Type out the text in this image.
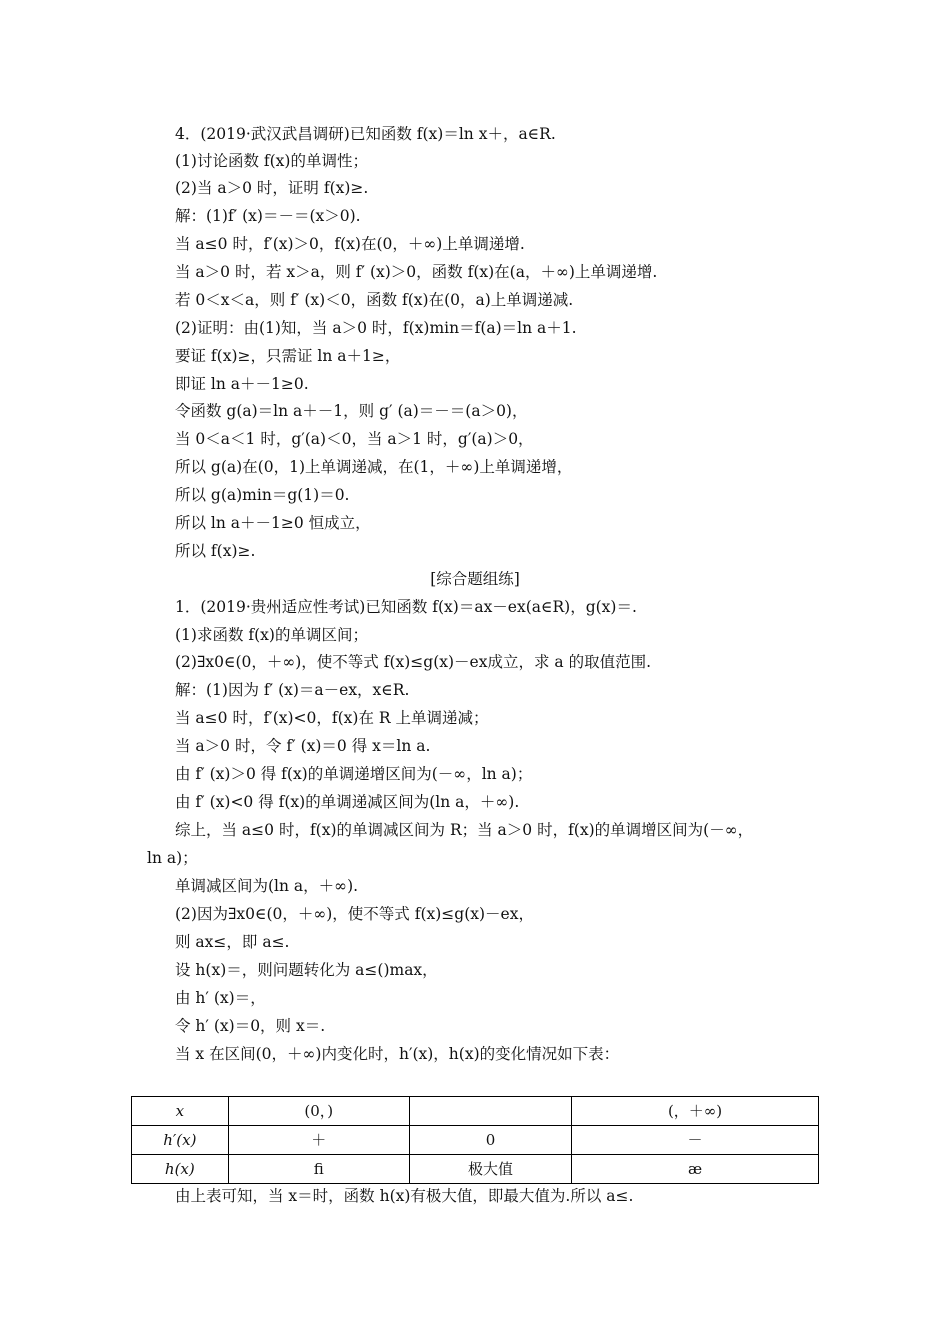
4．(2019·武汉武昌调研)已知函数 f(x)＝ln x＋，a∈R.
(1)讨论函数 f(x)的单调性；
(2)当 a＞0 时，证明 f(x)≥.
解：(1)f′ (x)＝－＝(x＞0).
当 a≤0 时，f′(x)＞0，f(x)在(0，＋∞)上单调递增.
当 a＞0 时，若 x＞a，则 f′ (x)＞0，函数 f(x)在(a，＋∞)上单调递增.
若 0＜x＜a，则 f′ (x)＜0，函数 f(x)在(0，a)上单调递减.
(2)证明：由(1)知，当 a＞0 时，f(x)min＝f(a)＝ln a＋1.
要证 f(x)≥，只需证 ln a＋1≥，
即证 ln a＋－1≥0.
令函数 g(a)＝ln a＋－1，则 g′ (a)＝－＝(a＞0)，
当 0＜a＜1 时，g′(a)＜0，当 a＞1 时，g′(a)＞0，
所以 g(a)在(0，1)上单调递减，在(1，＋∞)上单调递增，
所以 g(a)min＝g(1)＝0.
所以 ln a＋－1≥0 恒成立，
所以 f(x)≥.
[综合题组练]
1．(2019·贵州适应性考试)已知函数 f(x)＝ax－ex(a∈R)，g(x)＝.
(1)求函数 f(x)的单调区间；
(2)∃x0∈(0，＋∞)，使不等式 f(x)≤g(x)－ex成立，求 a 的取值范围.
解：(1)因为 f′ (x)＝a－ex，x∈R.
当 a≤0 时，f′(x)<0，f(x)在 R 上单调递减；
当 a＞0 时，令 f′ (x)＝0 得 x＝ln a.
由 f′ (x)＞0 得 f(x)的单调递增区间为(－∞，ln a)；
由 f′ (x)<0 得 f(x)的单调递减区间为(ln a，＋∞).
综上，当 a≤0 时，f(x)的单调减区间为 R；当 a＞0 时，f(x)的单调增区间为(－∞，
ln a)；
单调减区间为(ln a，＋∞).
(2)因为∃x0∈(0，＋∞)，使不等式 f(x)≤g(x)－ex，
则 ax≤，即 a≤.
设 h(x)＝，则问题转化为 a≤()max，
由 h′ (x)＝，
令 h′ (x)＝0，则 x＝.
当 x 在区间(0，＋∞)内变化时，h′(x)，h(x)的变化情况如下表：
x	(0，)		(，＋∞)
h′(x)	＋	0	－
h(x)	ﬁ	极大值	æ
由上表可知，当 x＝时，函数 h(x)有极大值，即最大值为.所以 a≤.
